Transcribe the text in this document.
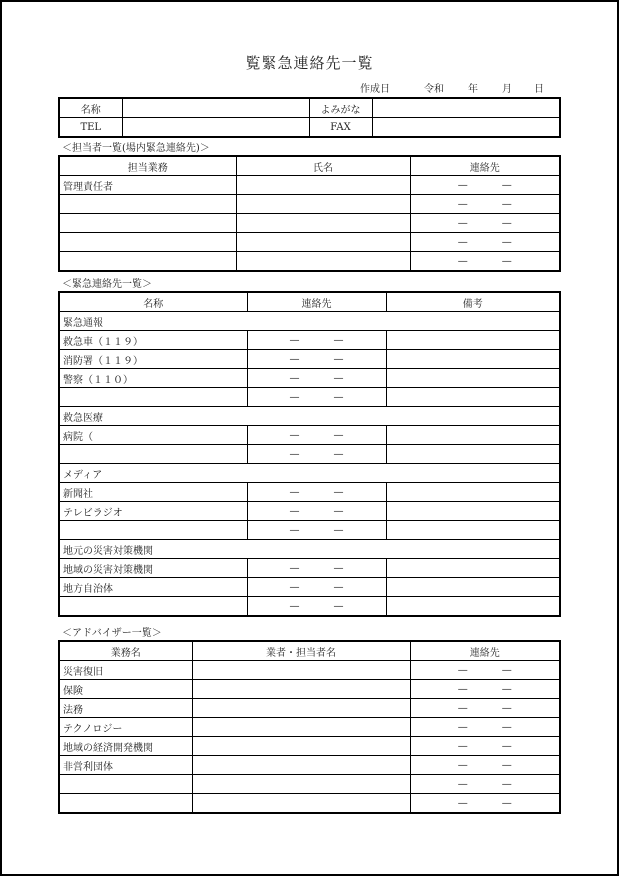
覧緊急連絡先一覧
作成日	令和 年 月 日
名称		よみがな	
TEL		FAX	
＜担当者一覧(場内緊急連絡先)＞
担当業務	氏名	連絡先
管理責任者		— —
		— —
		— —
		— —
		— —
＜緊急連絡先一覧＞
名称	連絡先	備考
緊急通報		
救急車（１１９）	— —	
消防署（１１９）	— —	
警察（１１０）	— —	
	— —	
救急医療		
病院（	— —	
	— —	
メディア		
新聞社	— —	
テレビラジオ	— —	
	— —	
地元の災害対策機関		
地域の災害対策機関	— —	
地方自治体	— —	
	— —	
＜アドバイザー一覧＞
業務名	業者・担当者名	連絡先
災害復旧		— —
保険		— —
法務		— —
テクノロジー		— —
地域の経済開発機関		— —
非営利団体		— —
		— —
		— —
